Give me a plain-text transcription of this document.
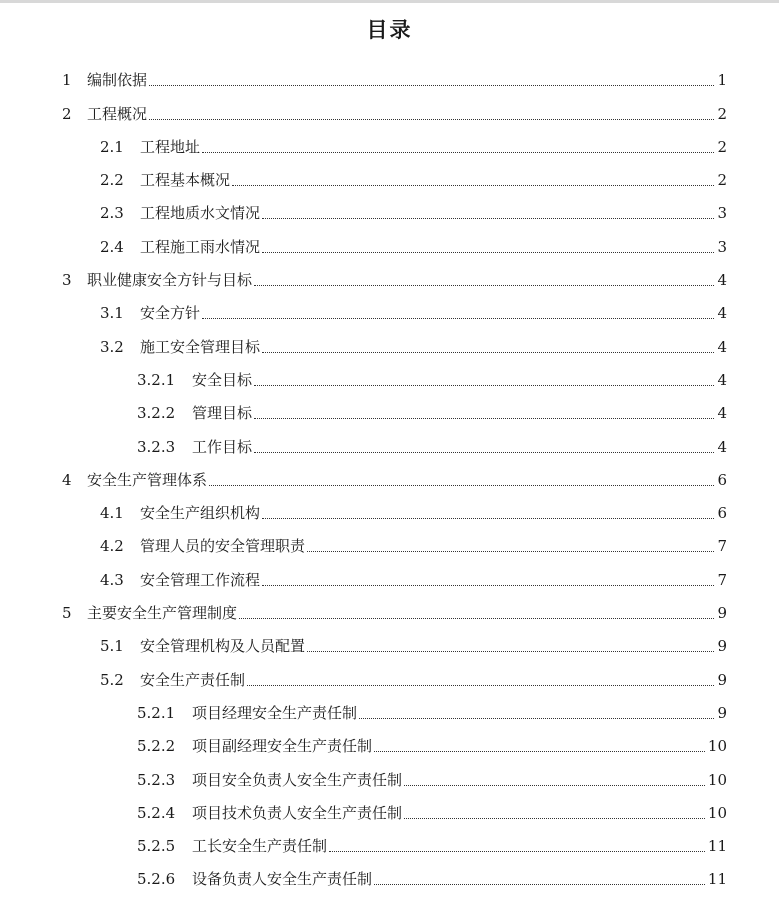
目录
1	编制依据	1
2	工程概况	2
2.1	工程地址	2
2.2	工程基本概况	2
2.3	工程地质水文情况	3
2.4	工程施工雨水情况	3
3	职业健康安全方针与目标	4
3.1	安全方针	4
3.2	施工安全管理目标	4
3.2.1	安全目标	4
3.2.2	管理目标	4
3.2.3	工作目标	4
4	安全生产管理体系	6
4.1	安全生产组织机构	6
4.2	管理人员的安全管理职责	7
4.3	安全管理工作流程	7
5	主要安全生产管理制度	9
5.1	安全管理机构及人员配置	9
5.2	安全生产责任制	9
5.2.1	项目经理安全生产责任制	9
5.2.2	项目副经理安全生产责任制	10
5.2.3	项目安全负责人安全生产责任制	10
5.2.4	项目技术负责人安全生产责任制	10
5.2.5	工长安全生产责任制	11
5.2.6	设备负责人安全生产责任制	11
